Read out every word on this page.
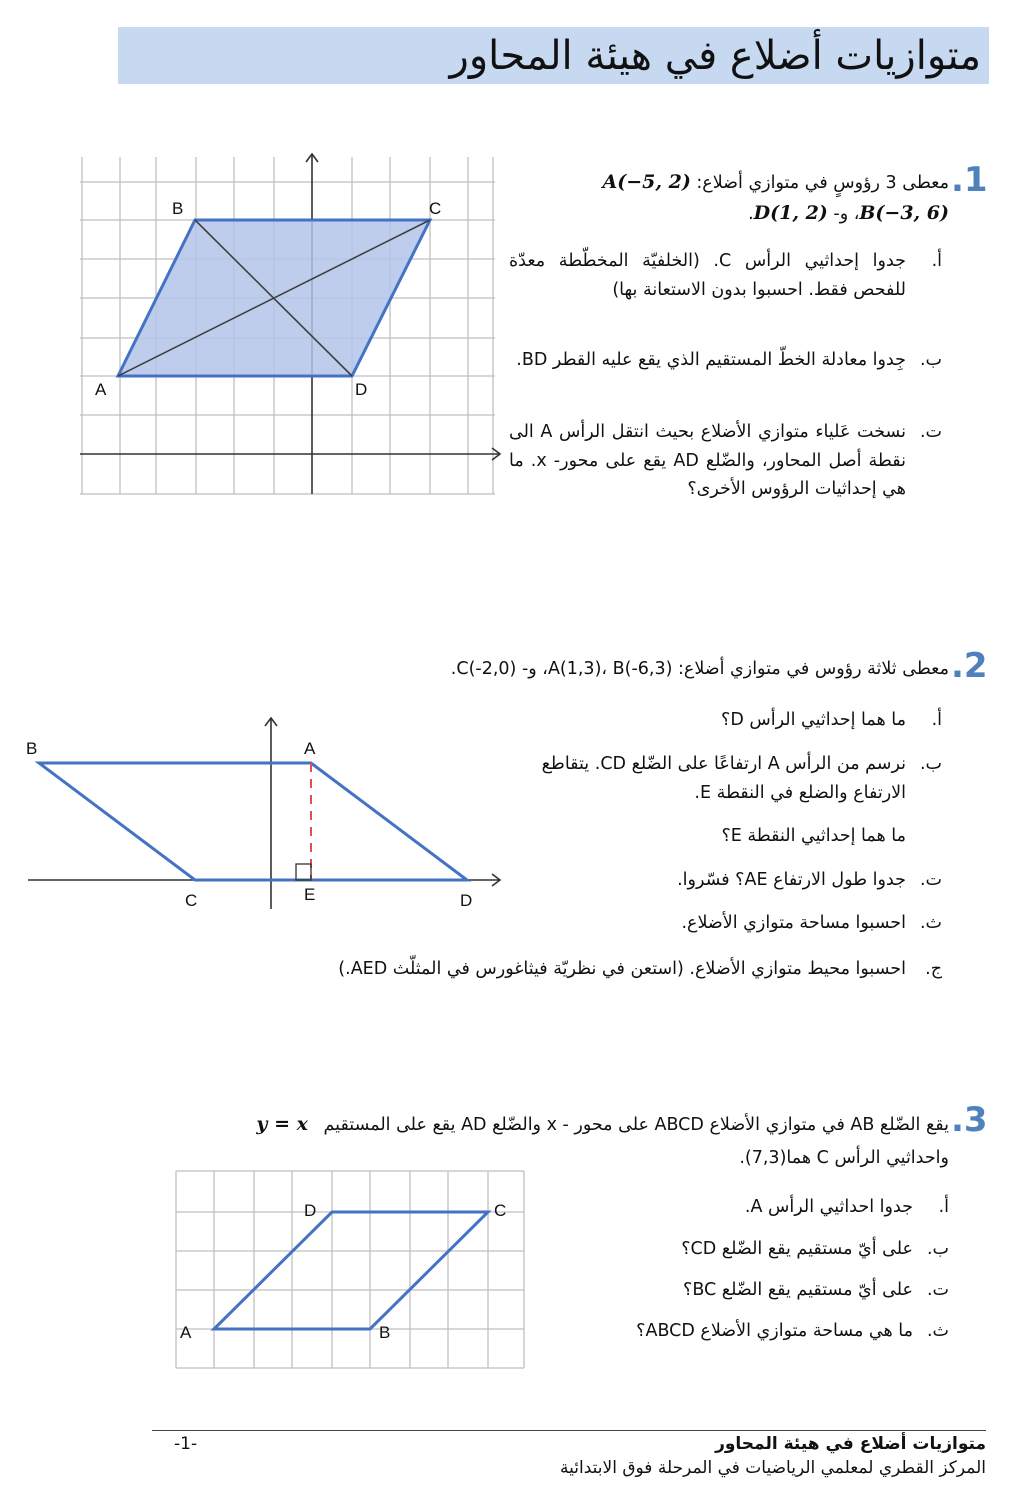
متوازيات أضلاع في هيئة المحاور
.1
معطى 3 رؤوسٍ في متوازي أضلاع: A(−5, 2)
B(−3, 6)، و- D(1, 2).
أ.
جدوا إحداثيي الرأس C. (الخلفيّة المخطّطة معدّة للفحص فقط. احسبوا بدون الاستعانة بها)
ب.
جِدوا معادلة الخطّ المستقيم الذي يقع عليه القطر BD.
ت.
نسخت عَلياء متوازي الأضلاع بحيث انتقل الرأس A الى نقطة أصل المحاور، والضّلع AD يقع على محور- x. ما هي إحداثيات الرؤوس الأخرى؟
B	C
A	D
.2
معطى ثلاثة رؤوس في متوازي أضلاع: A(1,3)، B(-6,3)، و- C(-2,0).
أ.
ما هما إحداثيي الرأس D؟
ب.
نرسم من الرأس A ارتفاعًا على الضّلع CD. يتقاطع الارتفاع والضلع في النقطة E.
ما هما إحداثيي النقطة E؟
ت.
جدوا طول الارتفاع AE؟ فسّروا.
ث.
احسبوا مساحة متوازي الأضلاع.
ج.
احسبوا محيط متوازي الأضلاع. (استعن في نظريّة فيثاغورس في المثلّث AED.)
B	A
C	E	D
.3
يقع الضّلع AB في متوازي الأضلاع ABCD على محور - x والضّلع AD يقع على المستقيم y = x
واحداثيي الرأس C هما(7,3).
أ.
جدوا احداثيي الرأس A.
ب.
على أيّ مستقيم يقع الضّلع CD؟
ت.
على أيّ مستقيم يقع الضّلع BC؟
ث.
ما هي مساحة متوازي الأضلاع ABCD؟
D	C
A	B
متوازيات أضلاع في هيئة المحاور
-1-
المركز القطري لمعلمي الرياضيات في المرحلة فوق الابتدائية
